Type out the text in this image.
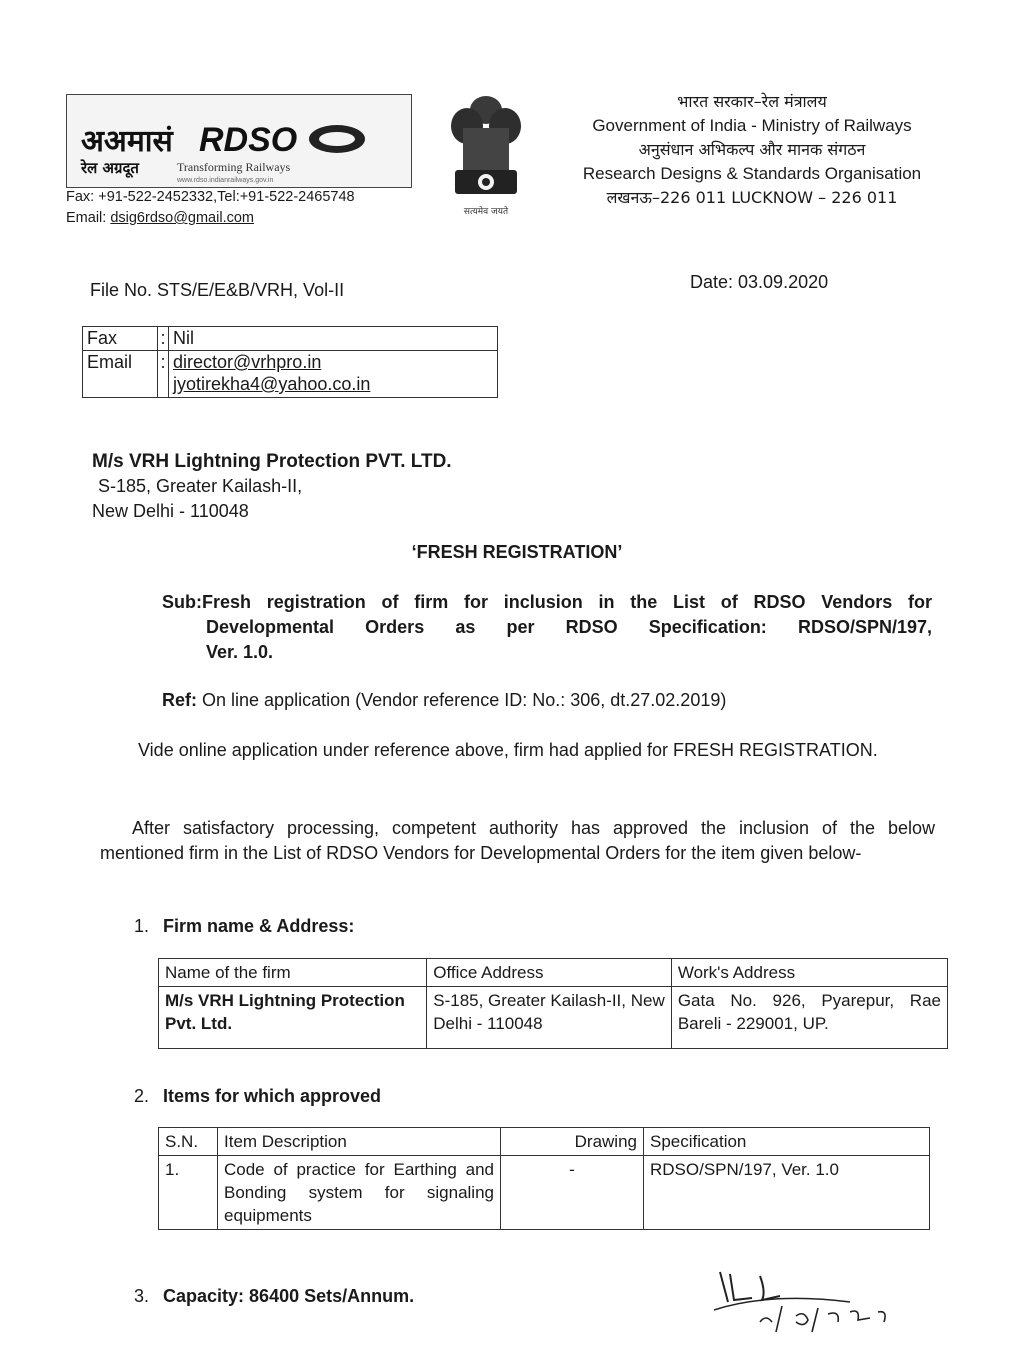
अअमासं RDSO
रेल अग्रदूत	Transforming Railways
www.rdso.indianrailways.gov.in
Fax: +91-522-2452332,Tel:+91-522-2465748
Email: dsig6rdso@gmail.com	सत्यमेव जयते
भारत सरकार–रेल मंत्रालय
Government of India - Ministry of Railways
अनुसंधान अभिकल्प और मानक संगठन
Research Designs & Standards Organisation
लखनऊ–226 011 LUCKNOW – 226 011
File No. STS/E/E&B/VRH, Vol-II	Date: 03.09.2020
Fax	:	Nil
Email	:	director@vrhpro.in
jyotirekha4@yahoo.co.in
M/s VRH Lightning Protection PVT. LTD.
S-185, Greater Kailash-II,
New Delhi - 110048
‘FRESH REGISTRATION’
Sub:Fresh registration of firm for inclusion in the List of RDSO Vendors for
Developmental Orders as per RDSO Specification: RDSO/SPN/197,
Ver. 1.0.
Ref: On line application (Vendor reference ID: No.: 306, dt.27.02.2019)
Vide online application under reference above, firm had applied for FRESH REGISTRATION.
After satisfactory processing, competent authority has approved the inclusion of the below mentioned firm in the List of RDSO Vendors for Developmental Orders for the item given below-
1. Firm name & Address:
Name of the firm	Office Address	Work's Address
M/s VRH Lightning Protection Pvt. Ltd.	S-185, Greater Kailash-II, New Delhi - 110048	Gata No. 926, Pyarepur, Rae Bareli - 229001, UP.
2. Items for which approved
S.N.	Item Description	Drawing	Specification
1.	Code of practice for Earthing and Bonding system for signaling equipments	-	RDSO/SPN/197, Ver. 1.0
3. Capacity: 86400 Sets/Annum.
